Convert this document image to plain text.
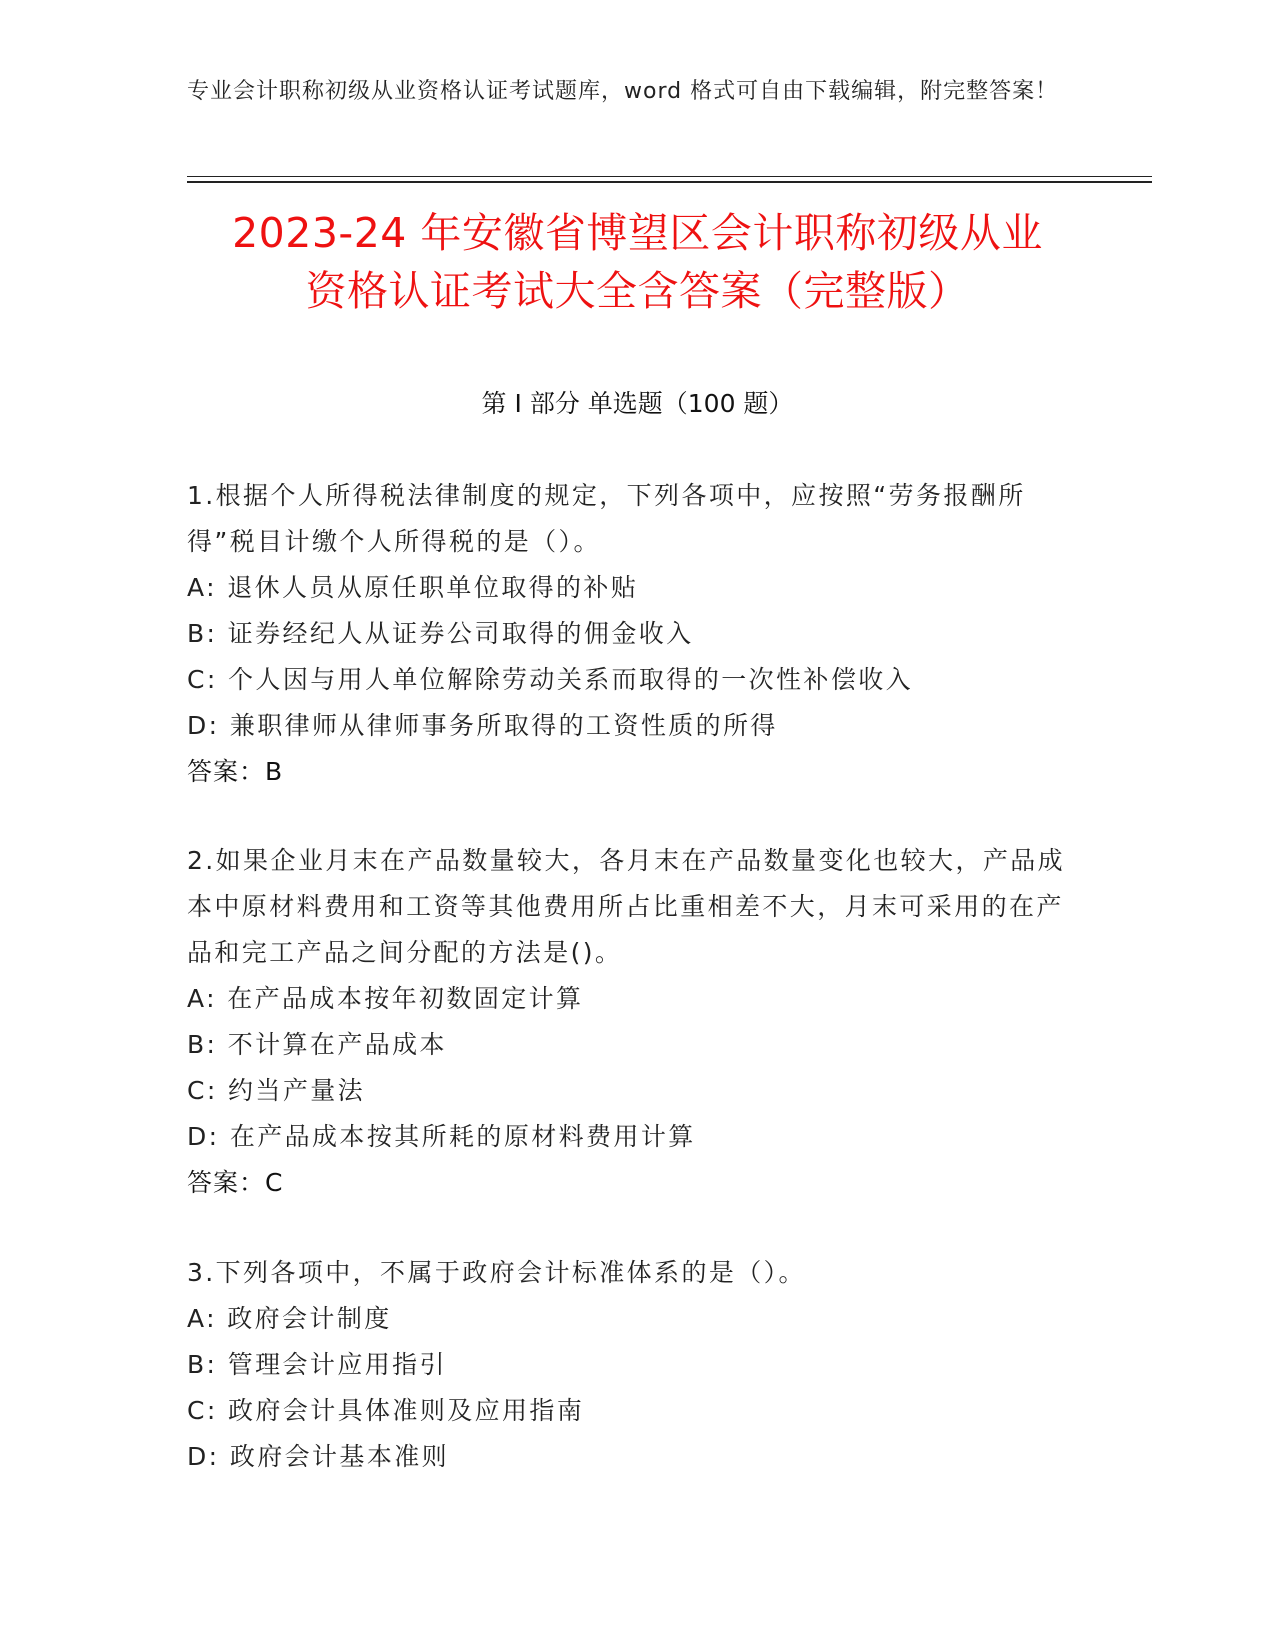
专业会计职称初级从业资格认证考试题库，word 格式可自由下载编辑，附完整答案！
2023-24 年安徽省博望区会计职称初级从业
资格认证考试大全含答案（完整版）
第 I 部分 单选题（100 题）
1.根据个人所得税法律制度的规定，下列各项中，应按照“劳务报酬所得”税目计缴个人所得税的是（）。
A: 退休人员从原任职单位取得的补贴
B: 证券经纪人从证券公司取得的佣金收入
C: 个人因与用人单位解除劳动关系而取得的一次性补偿收入
D: 兼职律师从律师事务所取得的工资性质的所得
答案：B
2.如果企业月末在产品数量较大，各月末在产品数量变化也较大，产品成本中原材料费用和工资等其他费用所占比重相差不大，月末可采用的在产品和完工产品之间分配的方法是()。
A: 在产品成本按年初数固定计算
B: 不计算在产品成本
C: 约当产量法
D: 在产品成本按其所耗的原材料费用计算
答案：C
3.下列各项中，不属于政府会计标准体系的是（）。
A: 政府会计制度
B: 管理会计应用指引
C: 政府会计具体准则及应用指南
D: 政府会计基本准则
